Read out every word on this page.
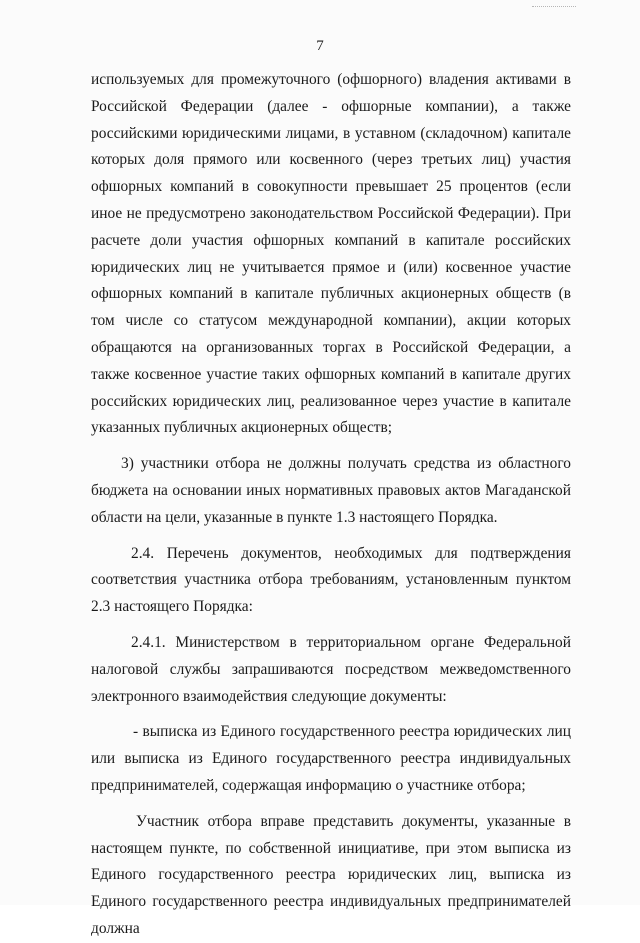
7

используемых для промежуточного (офшорного) владения активами в Российской Федерации (далее - офшорные компании), а также российскими юридическими лицами, в уставном (складочном) капитале которых доля прямого или косвенного (через третьих лиц) участия офшорных компаний в совокупности превышает 25 процентов (если иное не предусмотрено законодательством Российской Федерации). При расчете доли участия офшорных компаний в капитале российских юридических лиц не учитывается прямое и (или) косвенное участие офшорных компаний в капитале публичных акционерных обществ (в том числе со статусом международной компании), акции которых обращаются на организованных торгах в Российской Федерации, а также косвенное участие таких офшорных компаний в капитале других российских юридических лиц, реализованное через участие в капитале указанных публичных акционерных обществ;

3) участники отбора не должны получать средства из областного бюджета на основании иных нормативных правовых актов Магаданской области на цели, указанные в пункте 1.3 настоящего Порядка.

2.4. Перечень документов, необходимых для подтверждения соответствия участника отбора требованиям, установленным пунктом 2.3 настоящего Порядка:

2.4.1. Министерством в территориальном органе Федеральной налоговой службы запрашиваются посредством межведомственного электронного взаимодействия следующие документы:

- выписка из Единого государственного реестра юридических лиц или выписка из Единого государственного реестра индивидуальных предпринимателей, содержащая информацию о участнике отбора;

Участник отбора вправе представить документы, указанные в настоящем пункте, по собственной инициативе, при этом выписка из Единого государственного реестра юридических лиц, выписка из Единого государственного реестра индивидуальных предпринимателей должна
